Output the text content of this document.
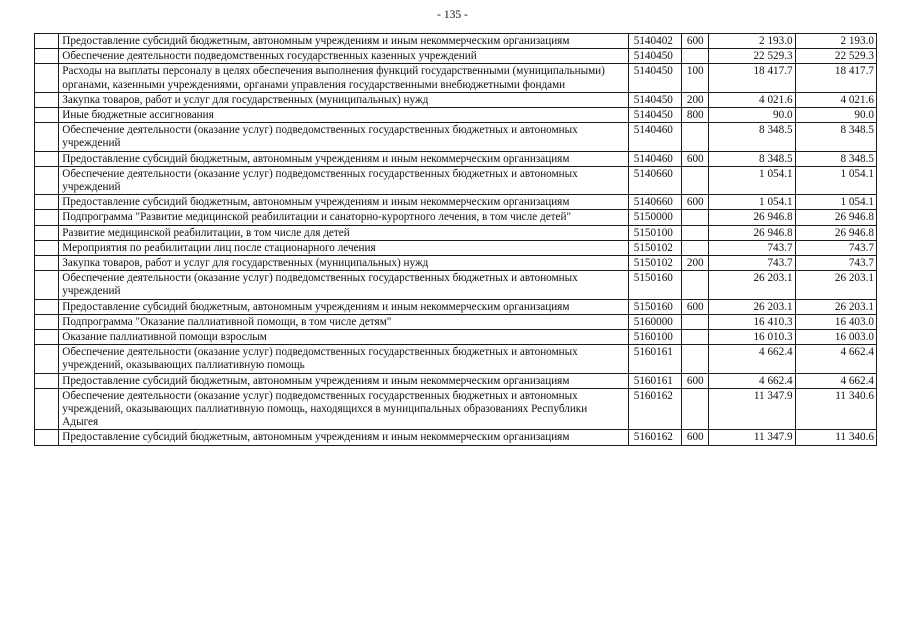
- 135 -
	Предоставление субсидий бюджетным, автономным учреждениям и иным некоммерческим организациям	5140402	600	2 193.0	2 193.0
	Обеспечение деятельности подведомственных государственных казенных учреждений	5140450		22 529.3	22 529.3
	Расходы на выплаты персоналу в целях обеспечения выполнения функций государственными (муниципальными) органами, казенными учреждениями, органами управления государственными внебюджетными фондами	5140450	100	18 417.7	18 417.7
	Закупка товаров, работ и услуг для государственных (муниципальных) нужд	5140450	200	4 021.6	4 021.6
	Иные бюджетные ассигнования	5140450	800	90.0	90.0
	Обеспечение деятельности (оказание услуг) подведомственных государственных бюджетных и автономных учреждений	5140460		8 348.5	8 348.5
	Предоставление субсидий бюджетным, автономным учреждениям и иным некоммерческим организациям	5140460	600	8 348.5	8 348.5
	Обеспечение деятельности (оказание услуг) подведомственных государственных бюджетных и автономных учреждений	5140660		1 054.1	1 054.1
	Предоставление субсидий бюджетным, автономным учреждениям и иным некоммерческим организациям	5140660	600	1 054.1	1 054.1
	Подпрограмма "Развитие медицинской реабилитации и санаторно-курортного лечения, в том числе детей"	5150000		26 946.8	26 946.8
	Развитие медицинской реабилитации, в том числе для детей	5150100		26 946.8	26 946.8
	Мероприятия по реабилитации лиц после стационарного лечения	5150102		743.7	743.7
	Закупка товаров, работ и услуг для государственных (муниципальных) нужд	5150102	200	743.7	743.7
	Обеспечение деятельности (оказание услуг) подведомственных государственных бюджетных и автономных учреждений	5150160		26 203.1	26 203.1
	Предоставление субсидий бюджетным, автономным учреждениям и иным некоммерческим организациям	5150160	600	26 203.1	26 203.1
	Подпрограмма "Оказание паллиативной помощи, в том числе детям"	5160000		16 410.3	16 403.0
	Оказание паллиативной помощи взрослым	5160100		16 010.3	16 003.0
	Обеспечение деятельности (оказание услуг) подведомственных государственных бюджетных и автономных учреждений, оказывающих паллиативную помощь	5160161		4 662.4	4 662.4
	Предоставление субсидий бюджетным, автономным учреждениям и иным некоммерческим организациям	5160161	600	4 662.4	4 662.4
	Обеспечение деятельности (оказание услуг) подведомственных государственных бюджетных и автономных учреждений, оказывающих паллиативную помощь, находящихся в муниципальных образованиях Республики Адыгея	5160162		11 347.9	11 340.6
	Предоставление субсидий бюджетным, автономным учреждениям и иным некоммерческим организациям	5160162	600	11 347.9	11 340.6
